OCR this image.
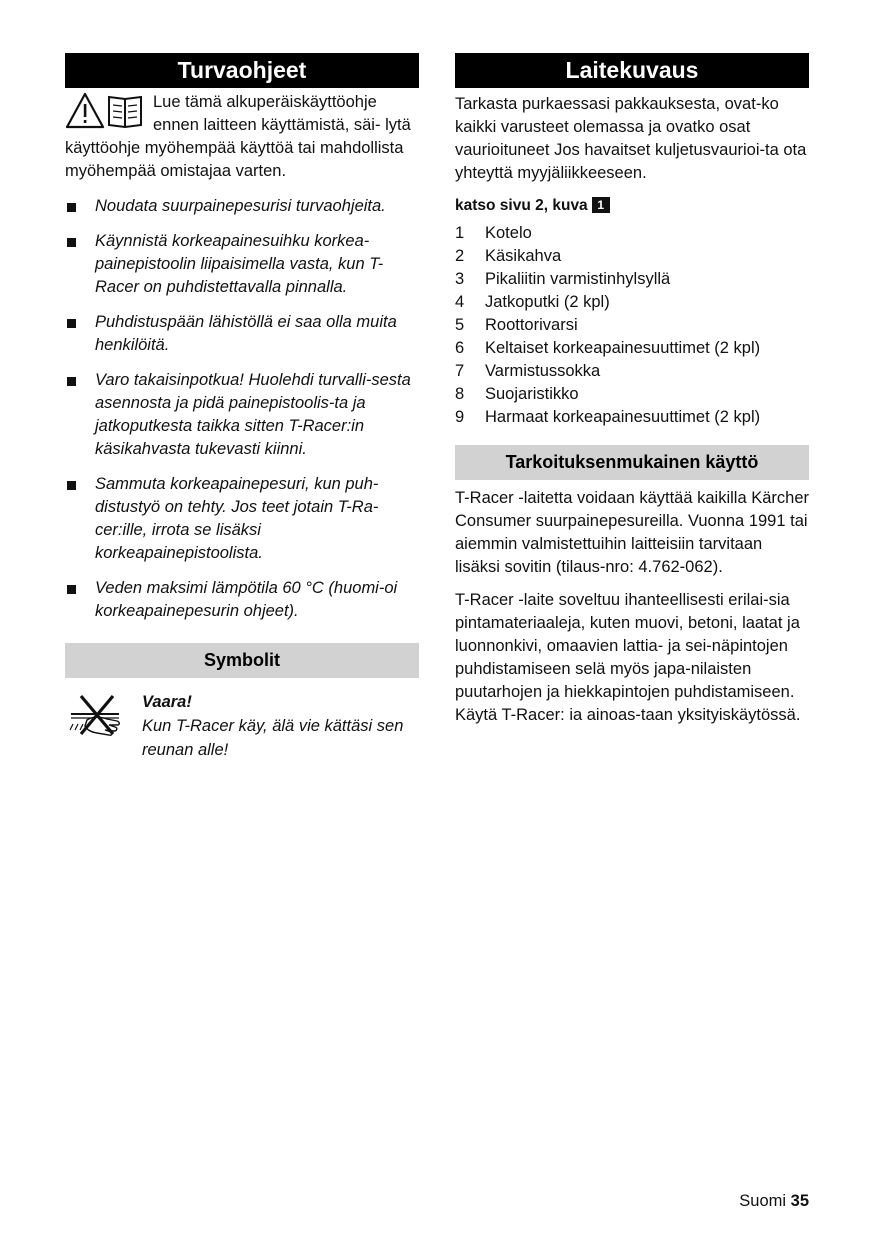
Turvaohjeet

Lue tämä alkuperäiskäyttöohje
ennen laitteen käyttämistä, säi- lytä käyttöohje myöhempää käyttöä tai mahdollista myöhempää omistajaa varten.

Noudata suurpainepesurisi turvaohjeita.
Käynnistä korkeapainesuihku korkea-painepistoolin liipaisimella vasta, kun T-Racer on puhdistettavalla pinnalla.
Puhdistuspään lähistöllä ei saa olla muita henkilöitä.
Varo takaisinpotkua! Huolehdi turvalli-sesta asennosta ja pidä painepistoolis-ta ja jatkoputkesta taikka sitten T-Racer:in käsikahvasta tukevasti kiinni.
Sammuta korkeapainepesuri, kun puh-distustyö on tehty. Jos teet jotain T-Ra-cer:ille, irrota se lisäksi korkeapainepistoolista.
Veden maksimi lämpötila 60 °C (huomi-oi korkeapainepesurin ohjeet).
Symbolit
Vaara!
Kun T-Racer käy, älä vie kättäsi sen reunan alle!
Laitekuvaus

Tarkasta purkaessasi pakkauksesta, ovat-ko kaikki varusteet olemassa ja ovatko osat vaurioituneet Jos havaitset kuljetusvaurioi-ta ota yhteyttä myyjäliikkeeseen.

katso sivu 2, kuva 1
1 Kotelo
2 Käsikahva
3 Pikaliitin varmistinhylsyllä
4 Jatkoputki (2 kpl)
5 Roottorivarsi
6 Keltaiset korkeapainesuuttimet (2 kpl)
7 Varmistussokka
8 Suojaristikko
9 Harmaat korkeapainesuuttimet (2 kpl)
Tarkoituksenmukainen käyttö

T-Racer -laitetta voidaan käyttää kaikilla Kärcher Consumer suurpainepesureilla. Vuonna 1991 tai aiemmin valmistettuihin laitteisiin tarvitaan lisäksi sovitin (tilaus-nro: 4.762-062).

T-Racer -laite soveltuu ihanteellisesti erilai-sia pintamateriaaleja, kuten muovi, betoni, laatat ja luonnonkivi, omaavien lattia- ja sei-näpintojen puhdistamiseen selä myös japa-nilaisten puutarhojen ja hiekkapintojen puhdistamiseen. Käytä T-Racer: ia ainoas-taan yksityiskäytössä.

Suomi 35
